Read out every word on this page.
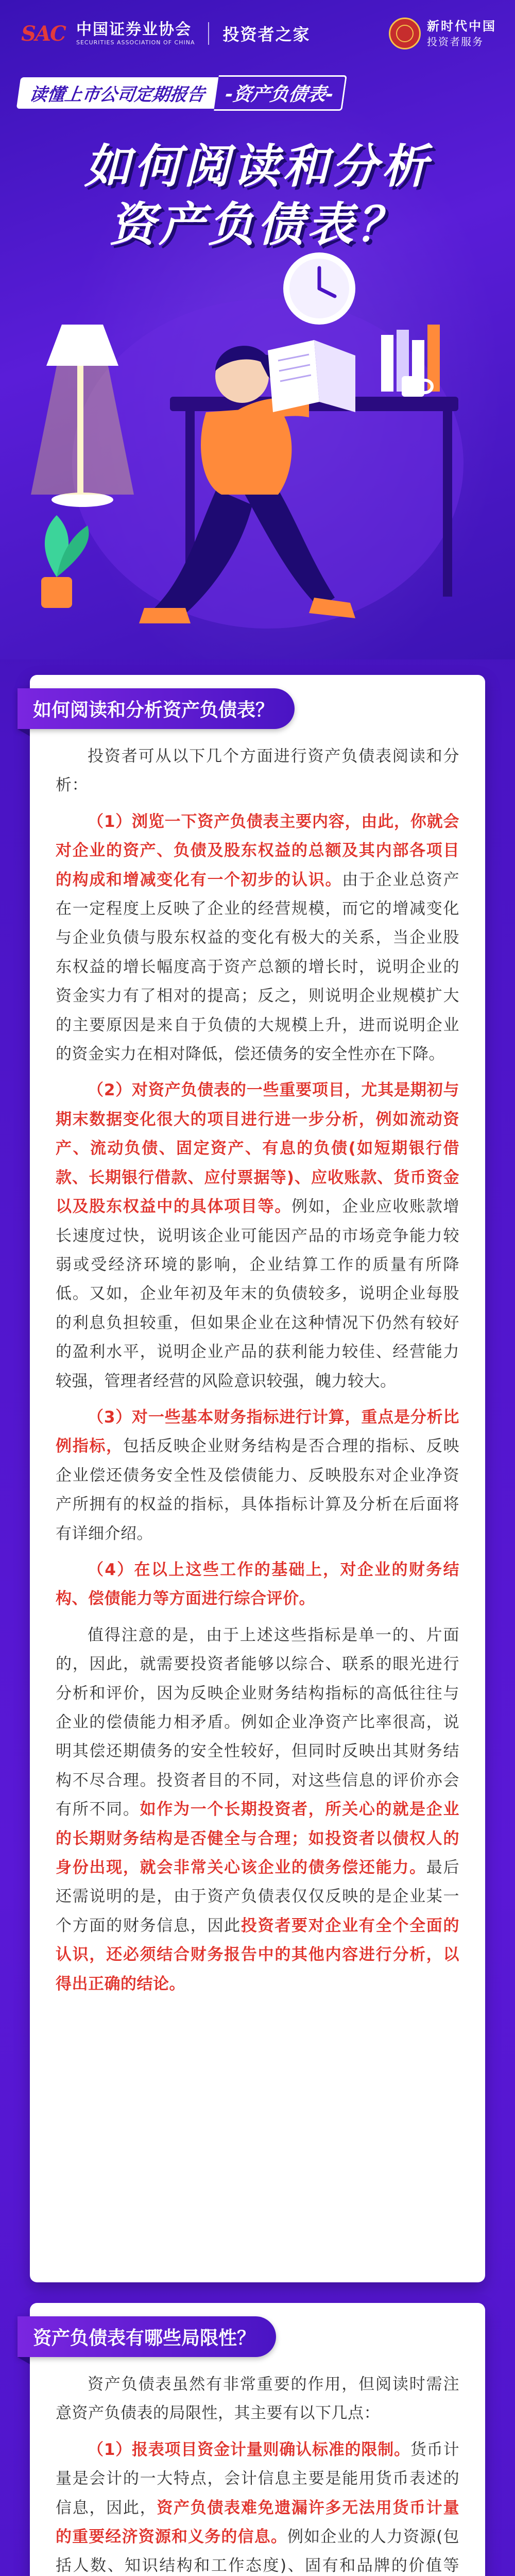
SAC 中国证券业协会
SECURITIES ASSOCIATION OF CHINA 投资者之家	新时代中国
投资者服务
读懂上市公司定期报告 -资产负债表-
如何阅读和分析
资产负债表？
如何阅读和分析资产负债表？

投资者可从以下几个方面进行资产负债表阅读和分析：

（1）浏览一下资产负债表主要内容，由此，你就会对企业的资产、负债及股东权益的总额及其内部各项目的构成和增减变化有一个初步的认识。由于企业总资产在一定程度上反映了企业的经营规模，而它的增减变化与企业负债与股东权益的变化有极大的关系，当企业股东权益的增长幅度高于资产总额的增长时，说明企业的资金实力有了相对的提高；反之，则说明企业规模扩大的主要原因是来自于负债的大规模上升，进而说明企业的资金实力在相对降低，偿还债务的安全性亦在下降。

（2）对资产负债表的一些重要项目，尤其是期初与期末数据变化很大的项目进行进一步分析，例如流动资产、流动负债、固定资产、有息的负债(如短期银行借款、长期银行借款、应付票据等)、应收账款、货币资金以及股东权益中的具体项目等。例如，企业应收账款增长速度过快，说明该企业可能因产品的市场竞争能力较弱或受经济环境的影响，企业结算工作的质量有所降低。又如，企业年初及年末的负债较多，说明企业每股的利息负担较重，但如果企业在这种情况下仍然有较好的盈利水平，说明企业产品的获利能力较佳、经营能力较强，管理者经营的风险意识较强，魄力较大。

（3）对一些基本财务指标进行计算，重点是分析比例指标，包括反映企业财务结构是否合理的指标、反映企业偿还债务安全性及偿债能力、反映股东对企业净资产所拥有的权益的指标，具体指标计算及分析在后面将有详细介绍。

（4）在以上这些工作的基础上，对企业的财务结构、偿债能力等方面进行综合评价。

值得注意的是，由于上述这些指标是单一的、片面的，因此，就需要投资者能够以综合、联系的眼光进行分析和评价，因为反映企业财务结构指标的高低往往与企业的偿债能力相矛盾。例如企业净资产比率很高，说明其偿还期债务的安全性较好，但同时反映出其财务结构不尽合理。投资者目的不同，对这些信息的评价亦会有所不同。如作为一个长期投资者，所关心的就是企业的长期财务结构是否健全与合理；如投资者以债权人的身份出现，就会非常关心该企业的债务偿还能力。最后还需说明的是，由于资产负债表仅仅反映的是企业某一个方面的财务信息，因此投资者要对企业有全个全面的认识，还必须结合财务报告中的其他内容进行分析，以得出正确的结论。

资产负债表有哪些局限性？

资产负债表虽然有非常重要的作用，但阅读时需注意资产负债表的局限性，其主要有以下几点：

（1）报表项目资金计量则确认标准的限制。货币计量是会计的一大特点，会计信息主要是能用货币表述的信息，因此，资产负债表难免遗漏许多无法用货币计量的重要经济资源和义务的信息。例如企业的人力资源(包括人数、知识结构和工作态度)、固有和品牌的价值等
